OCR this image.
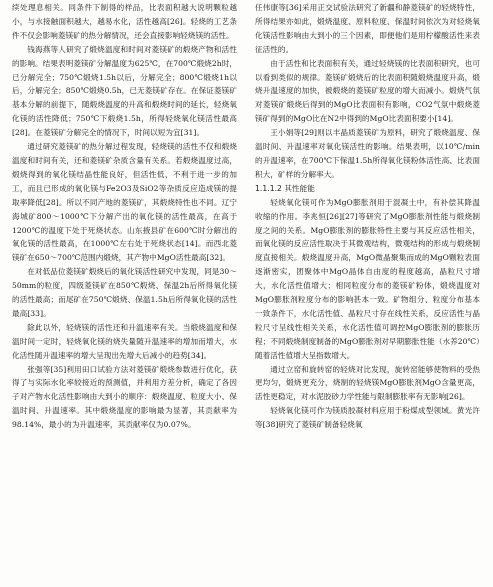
续处理息相关。同条件下制得的样品，比表面积越大说明颗粒越小，与水接触面积越大，越易水化，活性越高[26]。轻烧的工艺条件不仅会影响菱镁矿的热分解情况，还会直接影响轻烧镁的活性。

钱海燕等人研究了煅烧温度和时间对菱镁矿的煅烧产物和活性的影响。结果表明菱镁矿分解温度为625℃，在700℃煅烧2h时，已分解完全；750℃煅烧1.5h以后，分解完全；800℃煅烧1h以后，分解完全；850℃煅烧0.5h，已无菱镁矿存在。在保证菱镁矿基本分解的前提下，随煅烧温度的升高和煅烧时间的延长，轻烧氧化镁的活性降低；750℃下煅烧1.5h，所得轻烧氧化镁活性最高[28]。在菱镁矿分解完全的情况下，时间以短为宜[31]。

通过研究菱镁矿的热分解过程发现，轻烧镁的活性不仅和煅烧温度和时间有关，还和菱镁矿杂质含量有关系。若煅烧温度过高，煅烧得到的氧化镁结晶性能良好，但活性低，不利于进一步的加工，而且已形成的氧化镁与Fe2O3及SiO2等杂质反应造成镁的提取率降低[28]。所以不同产地的菱镁矿，其煅烧特性也不同。辽宁海城矿800～1000℃下分解产出的氧化镁的活性最高，在高于1200℃的温度下处于死烧状态。山东掖县矿在600℃时分解出的氧化镁的活性最高，在1000℃左右处于死烧状态[14]。而西北菱镁矿在650～700℃范围内煅烧，其产物中MgO活性最高[32]。

在对低品位菱镁矿煅烧后的氧化镁活性研究中发现，同是30～50mm的粒度，四级菱镁矿在850℃煅烧、保温2h后所得氧化镁的活性最高；而尾矿在750℃煅烧、保温1.5h后所得氧化镁的活性最高[33]。

除此以外，轻烧镁的活性还和升温速率有关。当煅烧温度和保温时间一定时，轻烧氧化镁的烧失量随升温速率的增加而增大，水化活性随升温速率的增大呈现出先增大后减小的趋势[34]。

张强等[35]利用田口试验方法对菱镁矿煅烧参数进行优化，获得了与实际水化率较接近的预测值，并利用方差分析，确定了各因子对产物水化活性影响由大到小的顺序：煅烧温度、粒度大小、保温时间、升温速率。其中煅烧温度的影响最为显著，其贡献率为98.14%，最小的为升温速率，其贡献率仅为0.07%。

任伟康等[36]采用正交试验法研究了新疆和静菱镁矿的轻烧特性，所得结果亦如此，煅烧温度、原料粒度、保温时间依次为对轻烧氧化镁活性影响由大到小的三个因素，即便他们是用柠檬酸活性来表征活性的。

由于活性和比表面积有关，通过轻烧镁的比表面积研究，也可以看到类似的规律。菱镁矿煅烧后的比表面积随煅烧温度升高，煅烧升温速度的加快，被煅烧的菱镁矿粒度的增大而减小。煅烧气氛对菱镁矿煅烧后得到的MgO比表面积有影响，CO2气氛中煅烧菱镁矿得到的MgO比在N2中得到的MgO比表面积要小[14]。

王小娟等[29]则以丰晶质菱镁矿为原料，研究了煅烧温度、保温时间、升温速率对氧化镁活性的影响。结果表明，以10℃/min的升温速率，在700℃下保温1.5h所得氧化镁粉体活性高、比表面积大，矿样的分解率大。

1.1.1.2 其性能能

轻烧氧化镁可作为MgO膨胀剂用于混凝土中，有补偿其降温收缩的作用。李兆恒[26][27]等研究了MgO膨胀剂性能与煅烧制度之间的关系。MgO膨胀剂的膨胀特性主要与其反应活性相关，而氧化镁的反应活性取决于其微观结构，微观结构的形成与煅烧制度直接相关。煅烧温度升高，MgO微晶聚集而成的MgO颗粒表面逐渐密实，团聚体中MgO晶体自由度的程度越高，晶粒尺寸增大，水化活性值增大；相同粒度分布的菱镁矿粉体，煅烧温度对MgO膨胀剂粒度分布的影响甚本一致。矿物组分、粒度分布基本一致条件下，水化活性值、晶粒尺寸存在线性关系，反应活性与晶粒尺寸呈线性相关关系，水化活性值可调控MgO膨胀剂的膨胀历程；不同煅烧制度制备的MgO膨胀剂对早期膨胀性能（水养20℃）随着活性值增大呈指数增大。

通过立窑和旋转窑的轻烧对比发现，旋转窑能够使物料的受热更均匀，煅烧更充分，烧制的轻烧镁MgO膨胀剂MgO含量更高，活性更稳定，对水泥胶砂力学性能与限制膨胀率有无影响[26]。

轻烧氧化镁可作为镁质胶凝材料应用于粉煤成型领域。黄光许等[38]研究了菱镁矿制备轻烧氧
